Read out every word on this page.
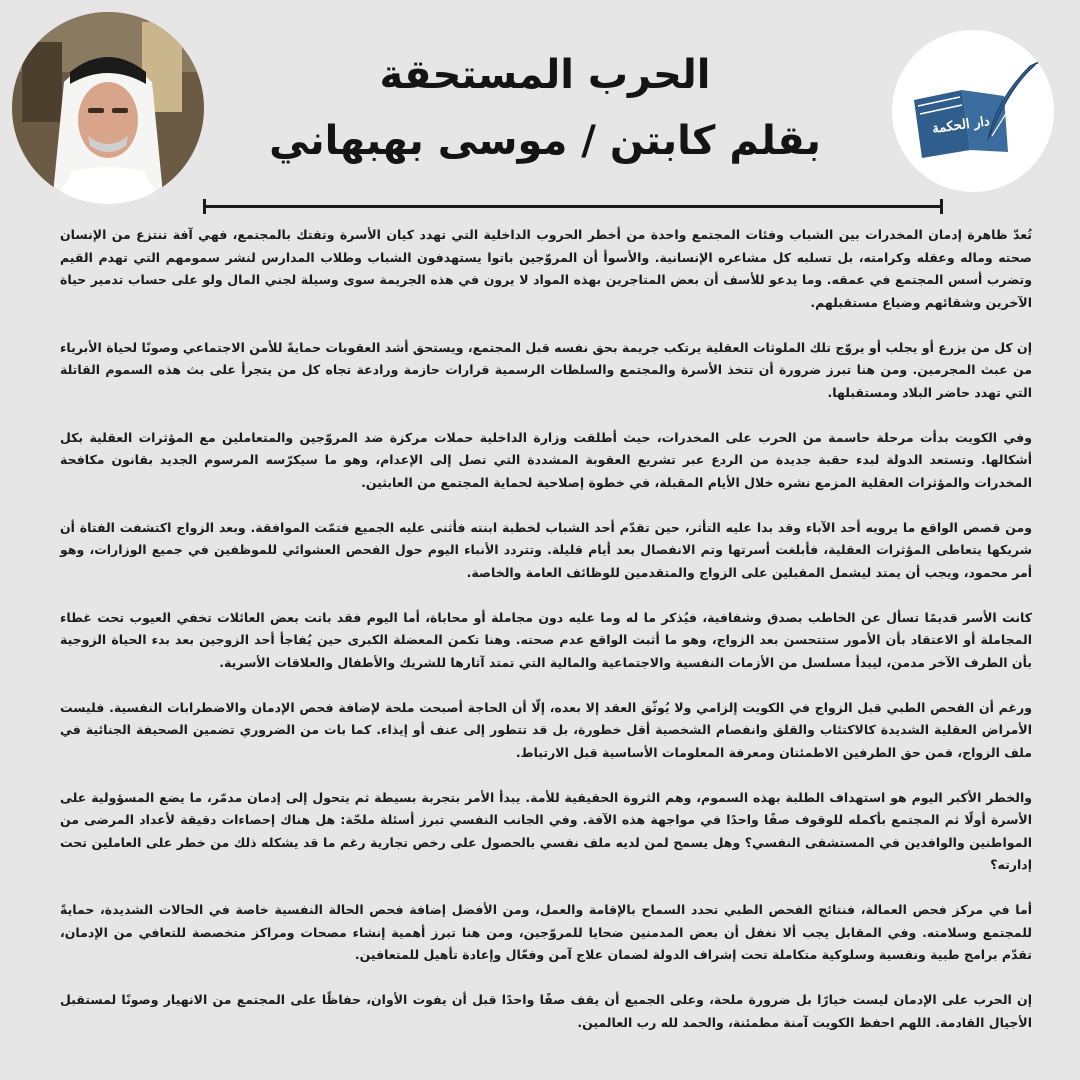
دار الحكمة
الحرب المستحقة
بقلم كابتن / موسى بهبهاني

تُعدّ ظاهرة إدمان المخدرات بين الشباب وفئات المجتمع واحدة من أخطر الحروب الداخلية التي تهدد كيان الأسرة وتفتك بالمجتمع، فهي آفة تنتزع من الإنسان صحته وماله وعقله وكرامته، بل تسلبه كل مشاعره الإنسانية. والأسوأ أن المروّجين باتوا يستهدفون الشباب وطلاب المدارس لنشر سمومهم التي تهدم القيم وتضرب أسس المجتمع في عمقه. وما يدعو للأسف أن بعض المتاجرين بهذه المواد لا يرون في هذه الجريمة سوى وسيلة لجني المال ولو على حساب تدمير حياة الآخرين وشقائهم وضياع مستقبلهم.

إن كل من يزرع أو يجلب أو يروّج تلك الملوثات العقلية يرتكب جريمة بحق نفسه قبل المجتمع، ويستحق أشد العقوبات حمايةً للأمن الاجتماعي وصونًا لحياة الأبرياء من عبث المجرمين. ومن هنا تبرز ضرورة أن تتخذ الأسرة والمجتمع والسلطات الرسمية قرارات حازمة ورادعة تجاه كل من يتجرأ على بث هذه السموم القاتلة التي تهدد حاضر البلاد ومستقبلها.

وفي الكويت بدأت مرحلة حاسمة من الحرب على المخدرات، حيث أطلقت وزارة الداخلية حملات مركزة ضد المروّجين والمتعاملين مع المؤثرات العقلية بكل أشكالها. وتستعد الدولة لبدء حقبة جديدة من الردع عبر تشريع العقوبة المشددة التي تصل إلى الإعدام، وهو ما سيكرّسه المرسوم الجديد بقانون مكافحة المخدرات والمؤثرات العقلية المزمع نشره خلال الأيام المقبلة، في خطوة إصلاحية لحماية المجتمع من العابثين.

ومن قصص الواقع ما يرويه أحد الآباء وقد بدا عليه التأثر، حين تقدّم أحد الشباب لخطبة ابنته فأثنى عليه الجميع فتمّت الموافقة. وبعد الزواج اكتشفت الفتاة أن شريكها يتعاطى المؤثرات العقلية، فأبلغت أسرتها وتم الانفصال بعد أيام قليلة. وتتردد الأنباء اليوم حول الفحص العشوائي للموظفين في جميع الوزارات، وهو أمر محمود، ويجب أن يمتد ليشمل المقبلين على الزواج والمتقدمين للوظائف العامة والخاصة.

كانت الأسر قديمًا تسأل عن الخاطب بصدق وشفافية، فيُذكر ما له وما عليه دون مجاملة أو محاباة، أما اليوم فقد باتت بعض العائلات تخفي العيوب تحت غطاء المجاملة أو الاعتقاد بأن الأمور ستتحسن بعد الزواج، وهو ما أثبت الواقع عدم صحته. وهنا تكمن المعضلة الكبرى حين يُفاجأ أحد الزوجين بعد بدء الحياة الزوجية بأن الطرف الآخر مدمن، ليبدأ مسلسل من الأزمات النفسية والاجتماعية والمالية التي تمتد آثارها للشريك والأطفال والعلاقات الأسرية.

ورغم أن الفحص الطبي قبل الزواج في الكويت إلزامي ولا يُوثّق العقد إلا بعده، إلّا أن الحاجة أصبحت ملحة لإضافة فحص الإدمان والاضطرابات النفسية. فليست الأمراض العقلية الشديدة كالاكتئاب والقلق وانفصام الشخصية أقل خطورة، بل قد تتطور إلى عنف أو إيذاء. كما بات من الضروري تضمين الصحيفة الجنائية في ملف الزواج، فمن حق الطرفين الاطمئنان ومعرفة المعلومات الأساسية قبل الارتباط.

والخطر الأكبر اليوم هو استهداف الطلبة بهذه السموم، وهم الثروة الحقيقية للأمة. يبدأ الأمر بتجربة بسيطة ثم يتحول إلى إدمان مدمّر، ما يضع المسؤولية على الأسرة أولًا ثم المجتمع بأكمله للوقوف صفًا واحدًا في مواجهة هذه الآفة. وفي الجانب النفسي تبرز أسئلة ملحّة: هل هناك إحصاءات دقيقة لأعداد المرضى من المواطنين والوافدين في المستشفى النفسي؟ وهل يسمح لمن لديه ملف نفسي بالحصول على رخص تجارية رغم ما قد يشكله ذلك من خطر على العاملين تحت إدارته؟

أما في مركز فحص العمالة، فنتائج الفحص الطبي تحدد السماح بالإقامة والعمل، ومن الأفضل إضافة فحص الحالة النفسية خاصة في الحالات الشديدة، حمايةً للمجتمع وسلامته. وفي المقابل يجب ألا نغفل أن بعض المدمنين ضحايا للمروّجين، ومن هنا تبرز أهمية إنشاء مصحات ومراكز متخصصة للتعافي من الإدمان، تقدّم برامج طبية ونفسية وسلوكية متكاملة تحت إشراف الدولة لضمان علاج آمن وفعّال وإعادة تأهيل للمتعافين.

إن الحرب على الإدمان ليست خيارًا بل ضرورة ملحة، وعلى الجميع أن يقف صفًا واحدًا قبل أن يفوت الأوان، حفاظًا على المجتمع من الانهيار وصونًا لمستقبل الأجيال القادمة. اللهم احفظ الكويت آمنة مطمئنة، والحمد لله رب العالمين.
